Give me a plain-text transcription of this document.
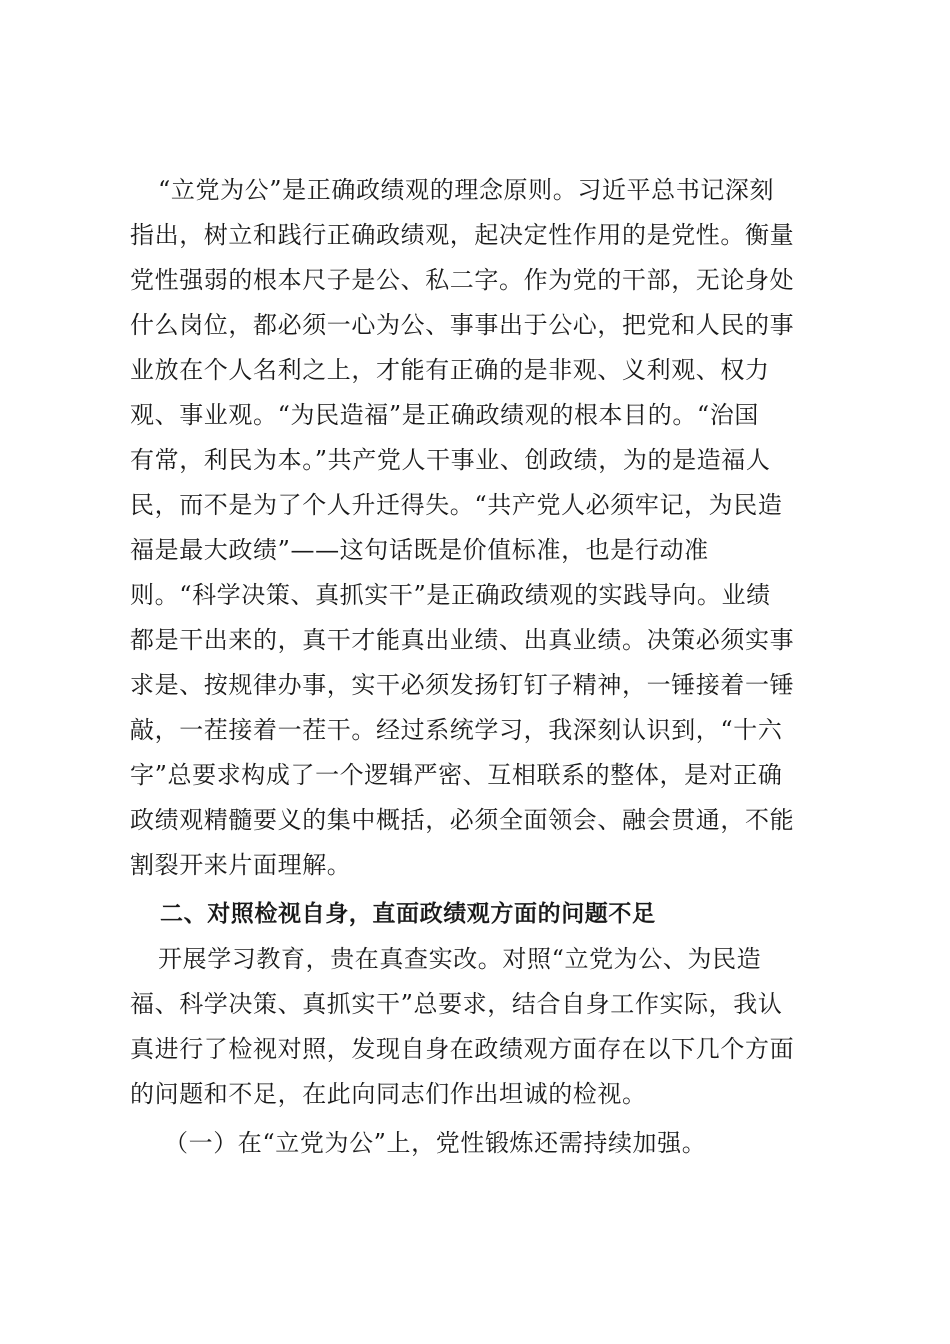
“立党为公”是正确政绩观的理念原则。习近平总书记深刻
指出，树立和践行正确政绩观，起决定性作用的是党性。衡量
党性强弱的根本尺子是公、私二字。作为党的干部，无论身处
什么岗位，都必须一心为公、事事出于公心，把党和人民的事
业放在个人名利之上，才能有正确的是非观、义利观、权力
观、事业观。“为民造福”是正确政绩观的根本目的。“治国
有常，利民为本。”共产党人干事业、创政绩，为的是造福人
民，而不是为了个人升迁得失。“共产党人必须牢记，为民造
福是最大政绩”——这句话既是价值标准，也是行动准
则。“科学决策、真抓实干”是正确政绩观的实践导向。业绩
都是干出来的，真干才能真出业绩、出真业绩。决策必须实事
求是、按规律办事，实干必须发扬钉钉子精神，一锤接着一锤
敲，一茬接着一茬干。经过系统学习，我深刻认识到，“十六
字”总要求构成了一个逻辑严密、互相联系的整体，是对正确
政绩观精髓要义的集中概括，必须全面领会、融会贯通，不能
割裂开来片面理解。
二、对照检视自身，直面政绩观方面的问题不足
开展学习教育，贵在真查实改。对照“立党为公、为民造
福、科学决策、真抓实干”总要求，结合自身工作实际，我认
真进行了检视对照，发现自身在政绩观方面存在以下几个方面
的问题和不足，在此向同志们作出坦诚的检视。
（一）在“立党为公”上，党性锻炼还需持续加强。
